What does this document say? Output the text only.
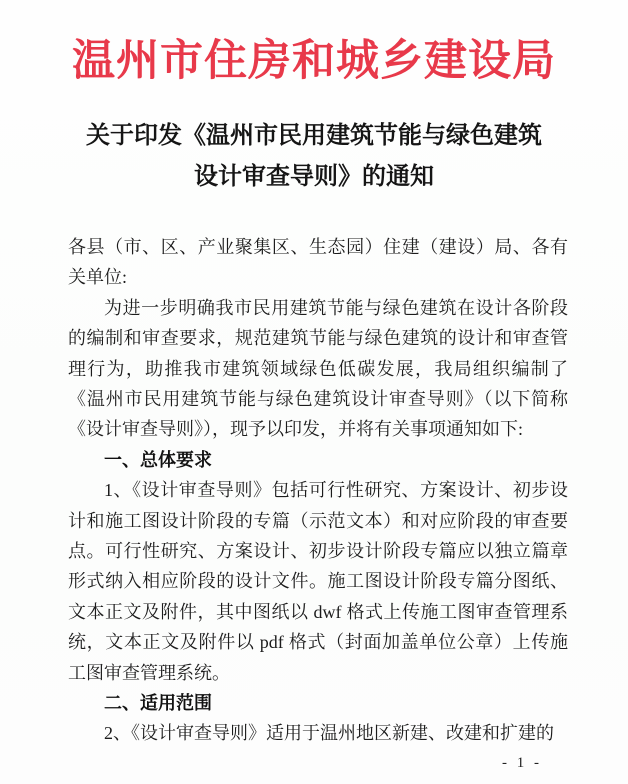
温州市住房和城乡建设局
关于印发《温州市民用建筑节能与绿色建筑
设计审查导则》的通知

各县（市、区、产业聚集区、生态园）住建（建设）局、各有关单位:

为进一步明确我市民用建筑节能与绿色建筑在设计各阶段的编制和审查要求，规范建筑节能与绿色建筑的设计和审查管理行为，助推我市建筑领域绿色低碳发展，我局组织编制了《温州市民用建筑节能与绿色建筑设计审查导则》（以下简称《设计审查导则》），现予以印发，并将有关事项通知如下:

一、总体要求

1、《设计审查导则》包括可行性研究、方案设计、初步设计和施工图设计阶段的专篇（示范文本）和对应阶段的审查要点。可行性研究、方案设计、初步设计阶段专篇应以独立篇章形式纳入相应阶段的设计文件。施工图设计阶段专篇分图纸、文本正文及附件，其中图纸以 dwf 格式上传施工图审查管理系统，文本正文及附件以 pdf 格式（封面加盖单位公章）上传施工图审查管理系统。

二、适用范围

2、《设计审查导则》适用于温州地区新建、改建和扩建的

- 1 -
